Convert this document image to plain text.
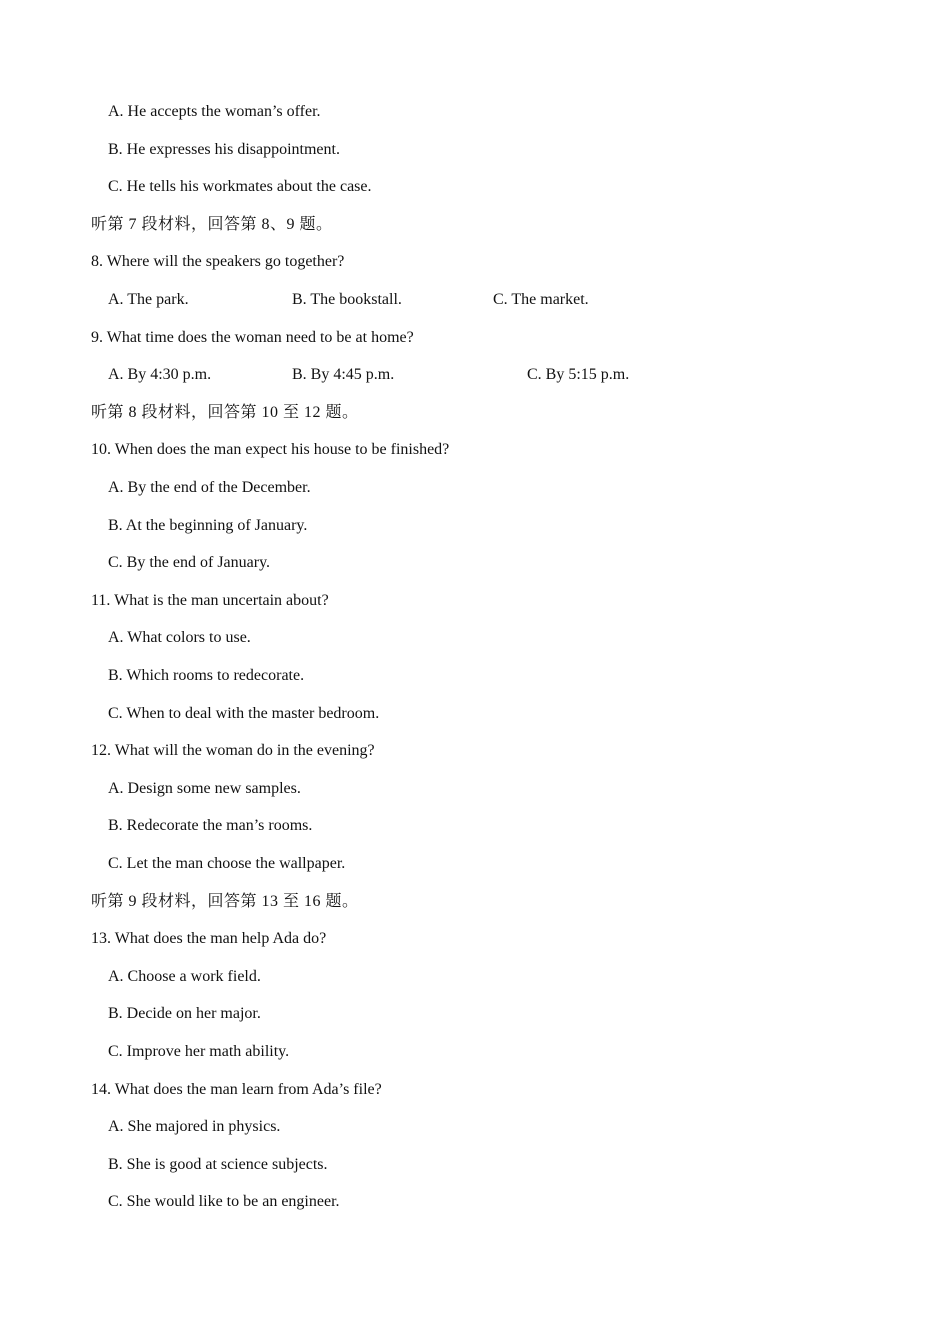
A. He accepts the woman’s offer.
B. He expresses his disappointment.
C. He tells his workmates about the case.
听第 7 段材料，回答第 8、9 题。
8. Where will the speakers go together?
A. The park.	B. The bookstall.	C. The market.
9. What time does the woman need to be at home?
A. By 4:30 p.m.	B. By 4:45 p.m.	C. By 5:15 p.m.
听第 8 段材料，回答第 10 至 12 题。
10. When does the man expect his house to be finished?
A. By the end of the December.
B. At the beginning of January.
C. By the end of January.
11. What is the man uncertain about?
A. What colors to use.
B. Which rooms to redecorate.
C. When to deal with the master bedroom.
12. What will the woman do in the evening?
A. Design some new samples.
B. Redecorate the man’s rooms.
C. Let the man choose the wallpaper.
听第 9 段材料，回答第 13 至 16 题。
13. What does the man help Ada do?
A. Choose a work field.
B. Decide on her major.
C. Improve her math ability.
14. What does the man learn from Ada’s file?
A. She majored in physics.
B. She is good at science subjects.
C. She would like to be an engineer.
